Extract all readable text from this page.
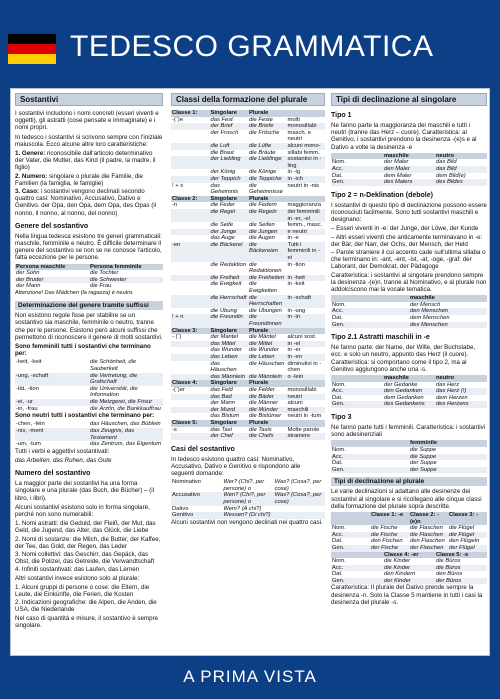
TEDESCO GRAMMATICA
Sostantivi
I sostantivi includono i nomi concreti (esseri viventi e oggetti), gli astratti (cose pensate e immaginate) e i nomi propri.
In tedesco i sostantivi si scrivono sempre con l'iniziale maiuscola. Ecco alcune altre loro caratteristiche:
1. Genere: riconoscibile dall'articolo determinativo der Vater, die Mutter, das Kind (il padre, la madre, il figlio)
2. Numero: singolare o plurale die Familie, die Familien (la famiglia, le famiglie)
3. Caso: i sostantivi vengono declinati secondo quattro casi: Nominativo, Accusativo, Dativo e Genitivo. der Opa, den Opa, dem Opa, des Opas (il nonno, il nonno, al nonno, del nonno)
Genere del sostantivo
Nella lingua tedesca esistono tre generi grammaticali: maschile, femminile e neutro. È difficile determinare il genere del sostantivo se non se ne conosce l'articolo, fatta eccezione per le persone.
Persona maschile	Persona femminile
der Sohn	die Tochter
der Bruder	die Schwester
der Mann	die Frau
Attenzione! Das Mädchen (la ragazza) è neutro.
Determinazione del genere tramite suffissi
Non esistono regole fisse per stabilire se un sostantivo sia maschile, femminile o neutro, tranne che per le persone. Esistono però alcuni suffissi che permettono di riconoscere il genere di molti sostantivi.
Sono femminili tutti i sostantivi che terminano per:
-heit, -keit	die Schönheit, die Sauberkeit
-ung, -schaft	die Vertretung, die Grafschaft
-tät, -tion	die Universität, die Information
-ei, -ur	die Metzgerei, die Frisur
-in, -frau	die Ärztin, die Bankkauffrau
Sono neutri tutti i sostantivi che terminano per:
-chen, -lein	das Häuschen, das Büblein
-nis, -ment	das Zeugnis, das Testament
-um, -tum	das Zentrum, das Eigentum
Tutti i verbi e aggettivi sostantivati:
das Arbeiten, das Ruhen, das Gute
Numero del sostantivo
La maggior parte dei sostantivi ha una forma singolare e una plurale (das Buch, die Bücher) – (il libro, i libri).
Alcuni sostantivi esistono solo in forma singolare, perché non sono numerabili:
1. Nomi astratti: die Geduld, der Fleiß, der Mut, das Geld, die Jugend, das Alter, das Glück, die Liebe
2. Nomi di sostanze: die Milch, die Butter, der Kaffee, der Tee, das Gold, der Regen, das Leder
3. Nomi collettivi: das Geschirr, das Gepäck, das Obst, die Polizei, das Getreide, die Verwandtschaft
4. Infiniti sostantivati: das Laufen, das Lernen
Altri sostantivi invece esistono solo al plurale:
1. Alcuni gruppi di persone o cose: die Eltern, die Leute, die Einkünfte, die Ferien, die Kosten
2. Indicazioni geografiche: die Alpen, die Anden, die USA, die Niederlande
Nel caso di quantità e misure, il sostantivo è sempre singolare.
Classi della formazione del plurale
Classe 1:	Singolare	Plurale	
-(¨)e	das Fest	die Feste	molti
	der Brief	die Briefe	monosillabi
	der Frosch	die Frösche	masch. e neutri
	die Luft	die Lüfte	alcuni mono-
	die Braut	die Bräute	sillabi femm.
	der Liebling	die Lieblinge	sostantivi in -ling
	der König	die Könige	in -ig
	der Teppich	die Teppiche	in -ich
! + s	das Geheimnis	die Geheimnisse	neutri in -nis
Classe 2:	Singolare	Plurale	
-n	die Feder	die Federn	maggioranza
	die Regel	die Regeln	dei femminili in -er, -el
	die Seife	die Seifen	femm., masc.
	der Junge	die Jungen	e neutri
	das Auge	die Augen	in -e
-en	die Bäckerei	die Bäckereien	Tutti i femminili in -ei
	die Redaktion	die Redaktionen	in -tion
	die Freiheit	die Freiheiten	in -heit
	die Ewigkeit	die Ewigkeiten	in -keit
	die Herrschaft	die Herrschaften	in -schaft
	die Übung	die Übungen	in -ung
! + n	die Freundin	die Freundinnen	in -in
Classe 3:	Singolare	Plurale	
- (¨)	der Mantel	die Mäntel	alcuni sost.
	das Mittel	die Mittel	in -el
	das Wunder	die Wunder	in -er
	das Leben	die Leben	in -en
	das Häuschen	die Häuschen	diminutivi in -chen
	das Männlein	die Männlein	o -lein
Classe 4:	Singolare	Plurale	
-(¨)er	das Feld	die Felder	monosillabi
	das Bad	die Bäder	neutri
	der Mann	die Männer	alcuni
	der Mund	die Münder	maschili
	das Bistum	die Bistümer	neutri in -tum
Classe 5:	Singolare	Plurale	
-s	das Taxi	die Taxis	Molte parole
	der Chef	die Chefs	straniere
Casi del sostantivo
In tedesco esistono quattro casi: Nominativo, Accusativo, Dativo e Genitivo e rispondono alle seguenti domande:
Nominativo	Wer? (Chi?, per persone) o	Was? (Cosa?, per cose)
Accusativo	Wen? (Chi?, per persone) o	Was? (Cosa?, per cose)
Dativo	Wem? (A chi?)	
Genitivo	Wessen? (Di chi?)	
Alcuni sostantivi non vengono declinati nei quattro casi.
Tipi di declinazione al singolare
Tipo 1
Ne fanno parte la maggioranza dei maschili e tutti i neutri (tranne das Herz – cuore). Caratteristica: al Genitivo, i sostantivi prendono la desinenza -(e)s e al Dativo a volte la desinenza -e
	maschile	neutro
Nom.	der Maler	das Bild
Acc.	den Maler	das Bild
Dat.	dem Maler	dem Bild(e)
Gen.	des Malers	des Bildes
Tipo 2 = n-Deklination (debole)
I sostantivi di questo tipo di declinazione possono essere riconosciuti facilmente. Sono tutti sostantivi maschili e designano:
– Esseri viventi in -e: der Junge, der Löwe, der Kunde
– Altri esseri viventi che anticamente terminavano in -e: der Bär, der Narr, der Ochs, der Mensch, der Held
– Parole straniere il cui accento cade sull'ultima sillaba o che terminano in: -ant, -ent, -ist, -at, -oge, -graf: der Laborant, der Demokrat, der Pädagoge
Caratteristica: i sostantivi al singolare prendono sempre la desinenza -(e)n, tranne al Nominativo, e al plurale non addolciscono mai la vocale tematica.
	maschile
Nom.	der Mensch
Acc.	den Menschen
Dat.	dem Menschen
Gen.	des Menschen
Tipo 2.1 Astratti maschili in -e
Ne fanno parte: der Name, der Wille, der Buchstabe, ecc. e solo un neutro, appunto das Herz (il cuore). Caratteristica: si comportano come il tipo 2, ma al Genitivo aggiungono anche una -s.
	maschile	neutro
Nom.	der Gedanke	das Herz
Acc.	den Gedanken	das Herz (!)
Dat.	dem Gedanken	dem Herzen
Gen.	des Gedankens	des Herzens
Tipo 3
Ne fanno parte tutti i femminili. Caratteristica: i sostantivi sono adesinenziali
	femminile
Nom.	die Suppe
Acc.	die Suppe
Dat.	der Suppe
Gen.	der Suppe
Tipi di declinazione al plurale
Le varie declinazioni si adattano alle desinenze dei sostantivi al singolare e si ricollegano alle cinque classi della formazione del plurale sopra descritte.
	Classe 1: -e	Classe 2: -(e)n	Classe 3: -
Nom.	die Fische	die Flaschen	die Flügel
Acc.	die Fische	die Flaschen	die Flügel
Dat.	den Fischen	den Flaschen	den Flügeln
Gen.	der Fische	der Flaschen	der Flügel
	Classe 4: -er	Classe 5: -s
Nom.	die Kinder	die Büros
Acc.	die Kinder	die Büros
Dat.	den Kindern	den Büros
Gen.	der Kinder	der Büros
Caratteristica: Il plurale del Dativo prende sempre la desinenza -n. Solo la Classe 5 mantiene in tutti i casi la desinenza del plurale -s.
A PRIMA VISTA
